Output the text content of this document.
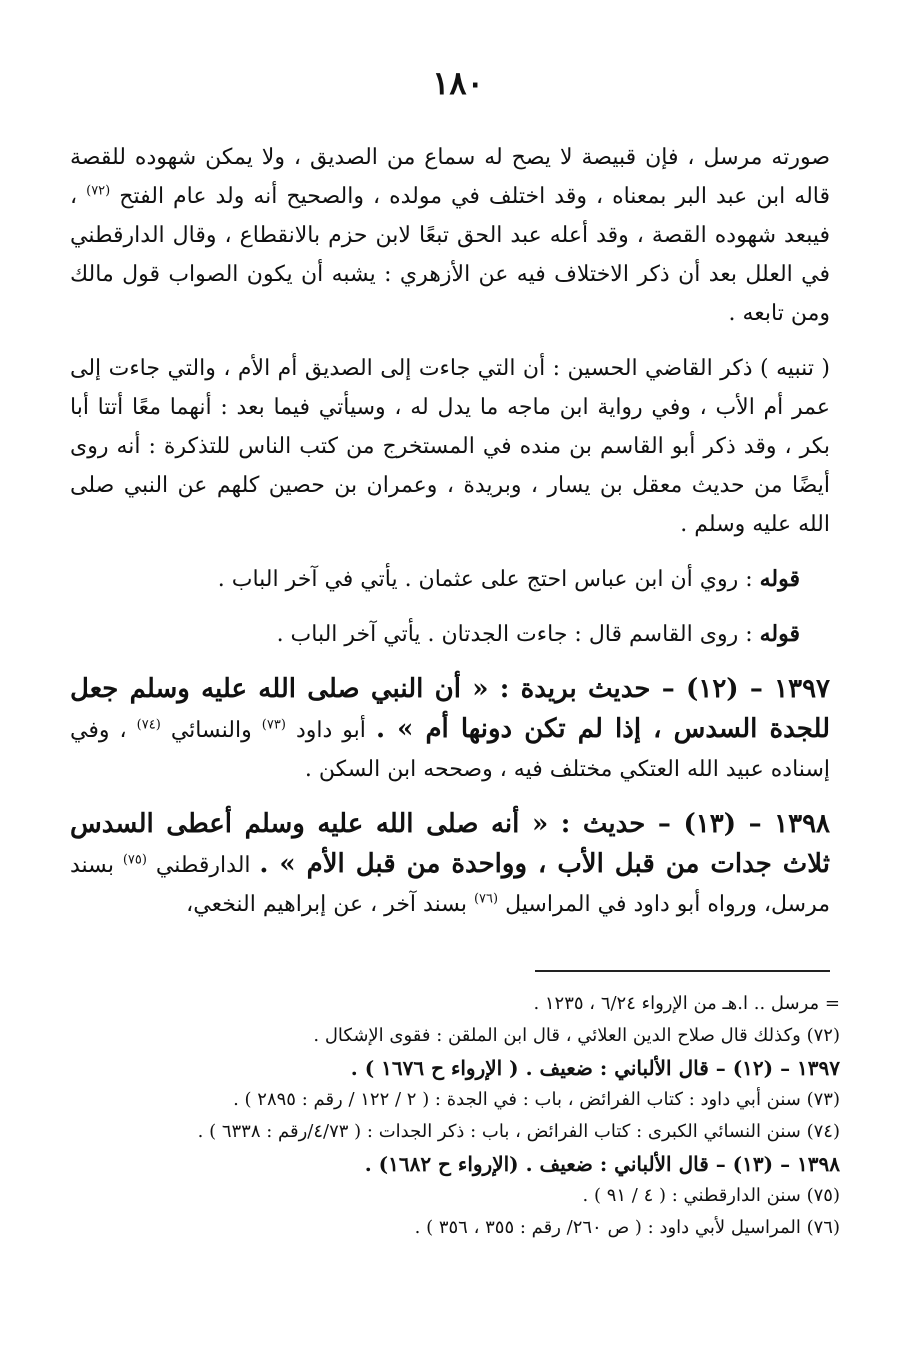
١٨٠

صورته مرسل ، فإن قبيصة لا يصح له سماع من الصديق ، ولا يمكن شهوده للقصة قاله ابن عبد البر بمعناه ، وقد اختلف في مولده ، والصحيح أنه ولد عام الفتح $^{(٧٢)}$ ، فيبعد شهوده القصة ، وقد أعله عبد الحق تبعًا لابن حزم بالانقطاع ، وقال الدارقطني في العلل بعد أن ذكر الاختلاف فيه عن الأزهري : يشبه أن يكون الصواب قول مالك ومن تابعه .

( تنبيه ) ذكر القاضي الحسين : أن التي جاءت إلى الصديق أم الأم ، والتي جاءت إلى عمر أم الأب ، وفي رواية ابن ماجه ما يدل له ، وسيأتي فيما بعد : أنهما معًا أتتا أبا بكر ، وقد ذكر أبو القاسم بن منده في المستخرج من كتب الناس للتذكرة : أنه روى أيضًا من حديث معقل بن يسار ، وبريدة ، وعمران بن حصين كلهم عن النبي صلى الله عليه وسلم .

قوله : روي أن ابن عباس احتج على عثمان . يأتي في آخر الباب .

قوله : روى القاسم قال : جاءت الجدتان . يأتي آخر الباب .

١٣٩٧ – (١٢) – حديث بريدة : « أن النبي صلى الله عليه وسلم جعل للجدة السدس ، إذا لم تكن دونها أم » . أبو داود $^{(٧٣)}$ والنسائي $^{(٧٤)}$ ، وفي إسناده عبيد الله العتكي مختلف فيه ، وصححه ابن السكن .

١٣٩٨ – (١٣) – حديث : « أنه صلى الله عليه وسلم أعطى السدس ثلاث جدات من قبل الأب ، وواحدة من قبل الأم » . الدارقطني $^{(٧٥)}$ بسند مرسل، ورواه أبو داود في المراسيل $^{(٧٦)}$ بسند آخر ، عن إبراهيم النخعي،

= مرسل .. ا.هـ من الإرواء ٦/٢٤ ، ١٢٣٥ .
(٧٢) وكذلك قال صلاح الدين العلائي ، قال ابن الملقن : فقوى الإشكال .
١٣٩٧ – (١٢) – قال الألباني : ضعيف . ( الإرواء ح ١٦٧٦ ) .
(٧٣) سنن أبي داود : كتاب الفرائض ، باب : في الجدة : ( ٢ / ١٢٢ / رقم : ٢٨٩٥ ) .
(٧٤) سنن النسائي الكبرى : كتاب الفرائض ، باب : ذكر الجدات : ( ٤/٧٣/رقم : ٦٣٣٨ ) .
١٣٩٨ – (١٣) – قال الألباني : ضعيف . (الإرواء ح ١٦٨٢) .
(٧٥) سنن الدارقطني : ( ٤ / ٩١ ) .
(٧٦) المراسيل لأبي داود : ( ص ٢٦٠/ رقم : ٣٥٥ ، ٣٥٦ ) .
